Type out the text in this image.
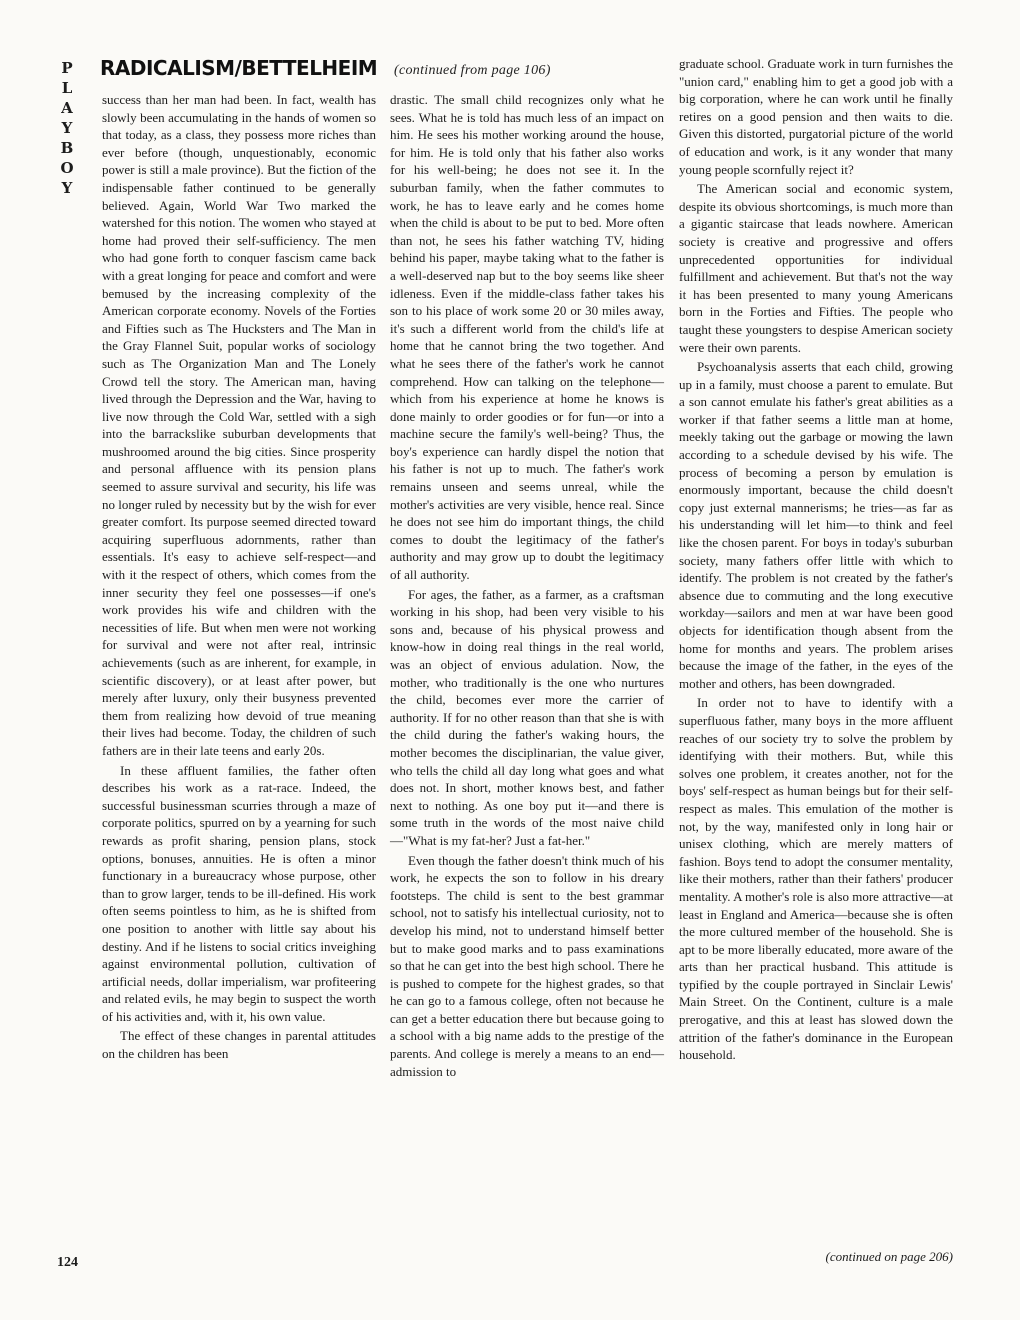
P
L
A
Y
B
O
Y
RADICALISM/BETTELHEIM (continued from page 106)

success than her man had been. In fact, wealth has slowly been accumulating in the hands of women so that today, as a class, they possess more riches than ever before (though, unquestionably, economic power is still a male province). But the fiction of the indispensable father continued to be generally believed. Again, World War Two marked the watershed for this notion. The women who stayed at home had proved their self-sufficiency. The men who had gone forth to conquer fascism came back with a great longing for peace and comfort and were bemused by the increasing complexity of the American corporate economy. Novels of the Forties and Fifties such as The Hucksters and The Man in the Gray Flannel Suit, popular works of sociology such as The Organization Man and The Lonely Crowd tell the story. The American man, having lived through the Depression and the War, having to live now through the Cold War, settled with a sigh into the barrackslike suburban developments that mushroomed around the big cities. Since prosperity and personal affluence with its pension plans seemed to assure survival and security, his life was no longer ruled by necessity but by the wish for ever greater comfort. Its purpose seemed directed toward acquiring superfluous adornments, rather than essentials. It's easy to achieve self-respect—and with it the respect of others, which comes from the inner security they feel one possesses—if one's work provides his wife and children with the necessities of life. But when men were not working for survival and were not after real, intrinsic achievements (such as are inherent, for example, in scientific discovery), or at least after power, but merely after luxury, only their busyness prevented them from realizing how devoid of true meaning their lives had become. Today, the children of such fathers are in their late teens and early 20s.

In these affluent families, the father often describes his work as a rat-race. Indeed, the successful businessman scurries through a maze of corporate politics, spurred on by a yearning for such rewards as profit sharing, pension plans, stock options, bonuses, annuities. He is often a minor functionary in a bureaucracy whose purpose, other than to grow larger, tends to be ill-defined. His work often seems pointless to him, as he is shifted from one position to another with little say about his destiny. And if he listens to social critics inveighing against environmental pollution, cultivation of artificial needs, dollar imperialism, war profiteering and related evils, he may begin to suspect the worth of his activities and, with it, his own value.

The effect of these changes in parental attitudes on the children has been

drastic. The small child recognizes only what he sees. What he is told has much less of an impact on him. He sees his mother working around the house, for him. He is told only that his father also works for his well-being; he does not see it. In the suburban family, when the father commutes to work, he has to leave early and he comes home when the child is about to be put to bed. More often than not, he sees his father watching TV, hiding behind his paper, maybe taking what to the father is a well-deserved nap but to the boy seems like sheer idleness. Even if the middle-class father takes his son to his place of work some 20 or 30 miles away, it's such a different world from the child's life at home that he cannot bring the two together. And what he sees there of the father's work he cannot comprehend. How can talking on the telephone—which from his experience at home he knows is done mainly to order goodies or for fun—or into a machine secure the family's well-being? Thus, the boy's experience can hardly dispel the notion that his father is not up to much. The father's work remains unseen and seems unreal, while the mother's activities are very visible, hence real. Since he does not see him do important things, the child comes to doubt the legitimacy of the father's authority and may grow up to doubt the legitimacy of all authority.

For ages, the father, as a farmer, as a craftsman working in his shop, had been very visible to his sons and, because of his physical prowess and know-how in doing real things in the real world, was an object of envious adulation. Now, the mother, who traditionally is the one who nurtures the child, becomes ever more the carrier of authority. If for no other reason than that she is with the child during the father's waking hours, the mother becomes the disciplinarian, the value giver, who tells the child all day long what goes and what does not. In short, mother knows best, and father next to nothing. As one boy put it—and there is some truth in the words of the most naive child—"What is my fat-her? Just a fat-her."

Even though the father doesn't think much of his work, he expects the son to follow in his dreary footsteps. The child is sent to the best grammar school, not to satisfy his intellectual curiosity, not to develop his mind, not to understand himself better but to make good marks and to pass examinations so that he can get into the best high school. There he is pushed to compete for the highest grades, so that he can go to a famous college, often not because he can get a better education there but because going to a school with a big name adds to the prestige of the parents. And college is merely a means to an end—admission to

graduate school. Graduate work in turn furnishes the "union card," enabling him to get a good job with a big corporation, where he can work until he finally retires on a good pension and then waits to die. Given this distorted, purgatorial picture of the world of education and work, is it any wonder that many young people scornfully reject it?

The American social and economic system, despite its obvious shortcomings, is much more than a gigantic staircase that leads nowhere. American society is creative and progressive and offers unprecedented opportunities for individual fulfillment and achievement. But that's not the way it has been presented to many young Americans born in the Forties and Fifties. The people who taught these youngsters to despise American society were their own parents.

Psychoanalysis asserts that each child, growing up in a family, must choose a parent to emulate. But a son cannot emulate his father's great abilities as a worker if that father seems a little man at home, meekly taking out the garbage or mowing the lawn according to a schedule devised by his wife. The process of becoming a person by emulation is enormously important, because the child doesn't copy just external mannerisms; he tries—as far as his understanding will let him—to think and feel like the chosen parent. For boys in today's suburban society, many fathers offer little with which to identify. The problem is not created by the father's absence due to commuting and the long executive workday—sailors and men at war have been good objects for identification though absent from the home for months and years. The problem arises because the image of the father, in the eyes of the mother and others, has been downgraded.

In order not to have to identify with a superfluous father, many boys in the more affluent reaches of our society try to solve the problem by identifying with their mothers. But, while this solves one problem, it creates another, not for the boys' self-respect as human beings but for their self-respect as males. This emulation of the mother is not, by the way, manifested only in long hair or unisex clothing, which are merely matters of fashion. Boys tend to adopt the consumer mentality, like their mothers, rather than their fathers' producer mentality. A mother's role is also more attractive—at least in England and America—because she is often the more cultured member of the household. She is apt to be more liberally educated, more aware of the arts than her practical husband. This attitude is typified by the couple portrayed in Sinclair Lewis' Main Street. On the Continent, culture is a male prerogative, and this at least has slowed down the attrition of the father's dominance in the European household.

(continued on page 206)
124
